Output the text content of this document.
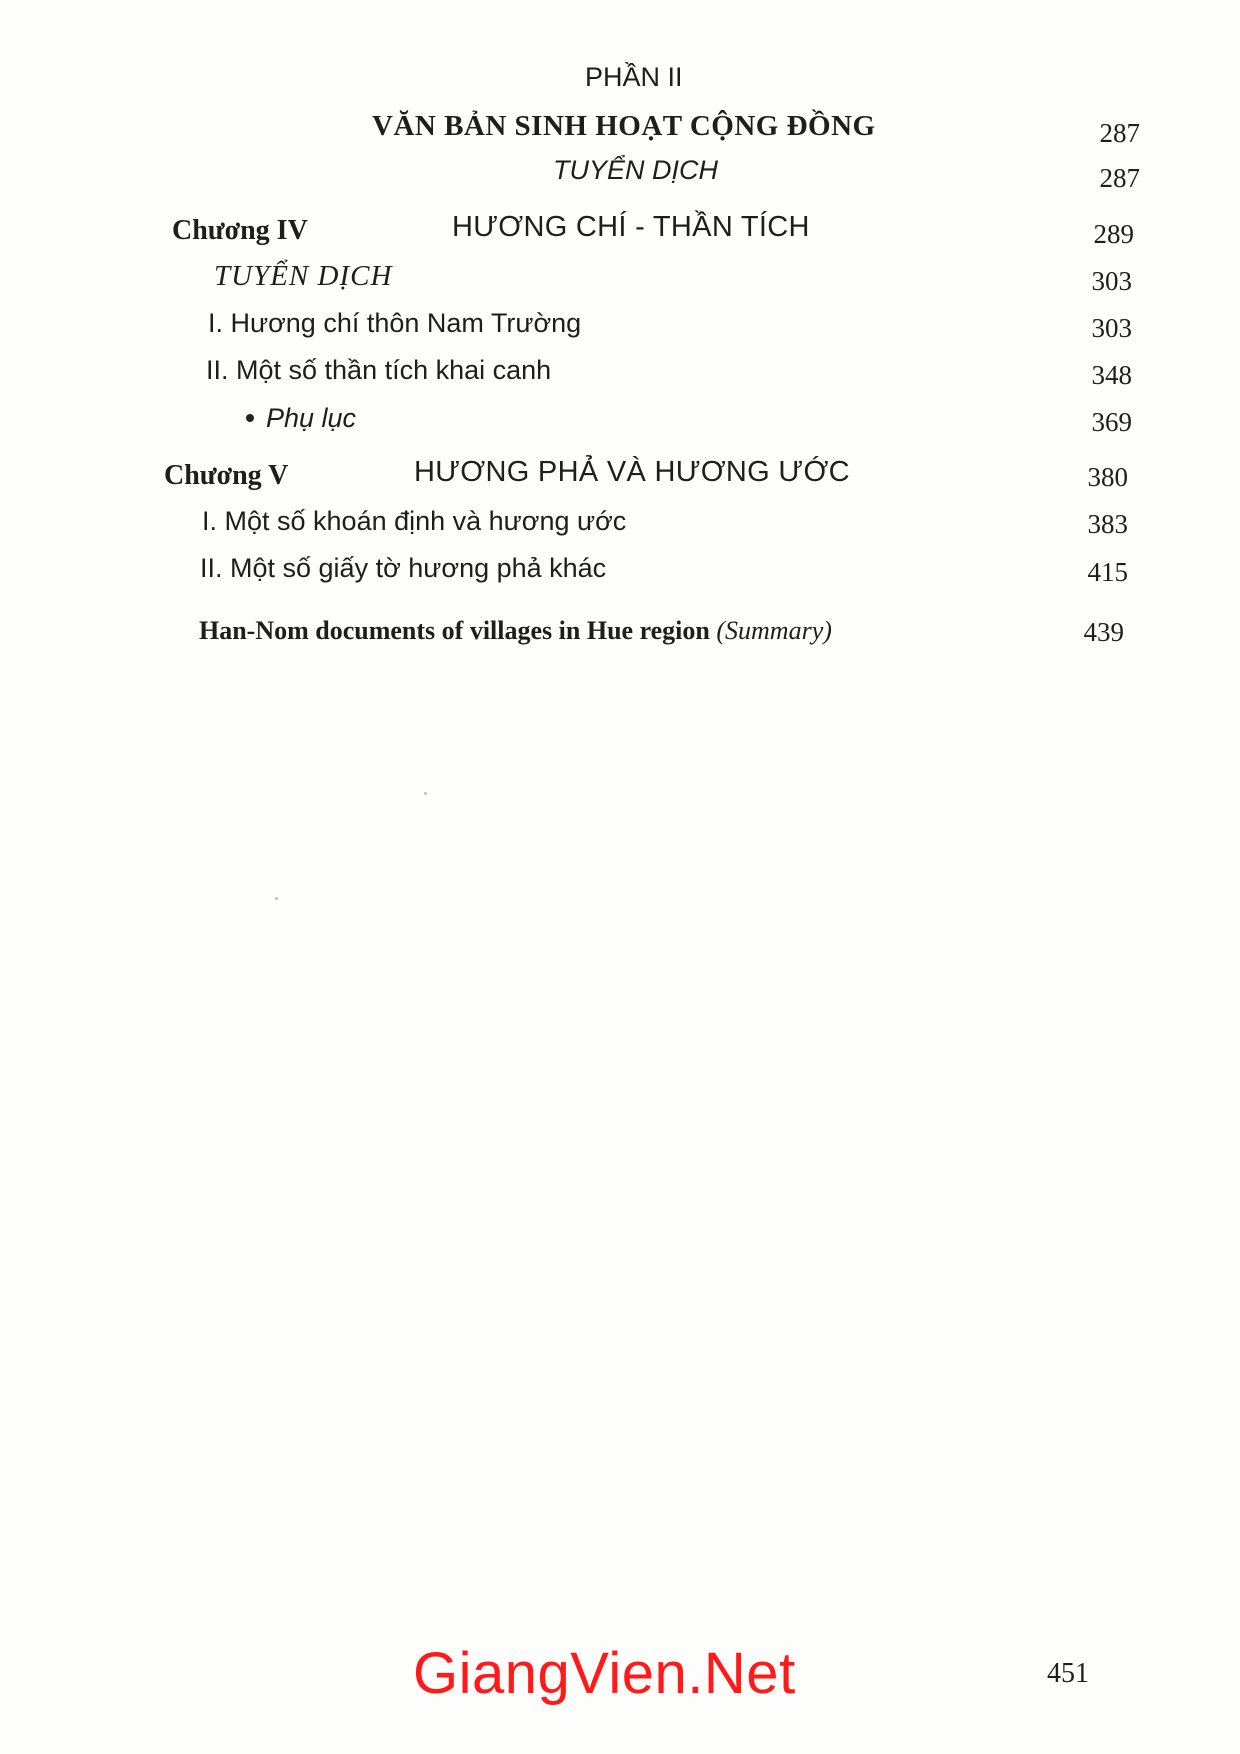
PHẦN II
VĂN BẢN SINH HOẠT CỘNG ĐỒNG	287
TUYỂN DỊCH	287
Chương IV	HƯƠNG CHÍ - THẦN TÍCH	289
TUYỂN DỊCH	303
I. Hương chí thôn Nam Trường	303
II. Một số thần tích khai canh	348
Phụ lục	369
Chương V	HƯƠNG PHẢ VÀ HƯƠNG ƯỚC	380
I. Một số khoán định và hương ước	383
II. Một số giấy tờ hương phả khác	415
Han-Nom documents of villages in Hue region (Summary)	439
GiangVien.Net	451
